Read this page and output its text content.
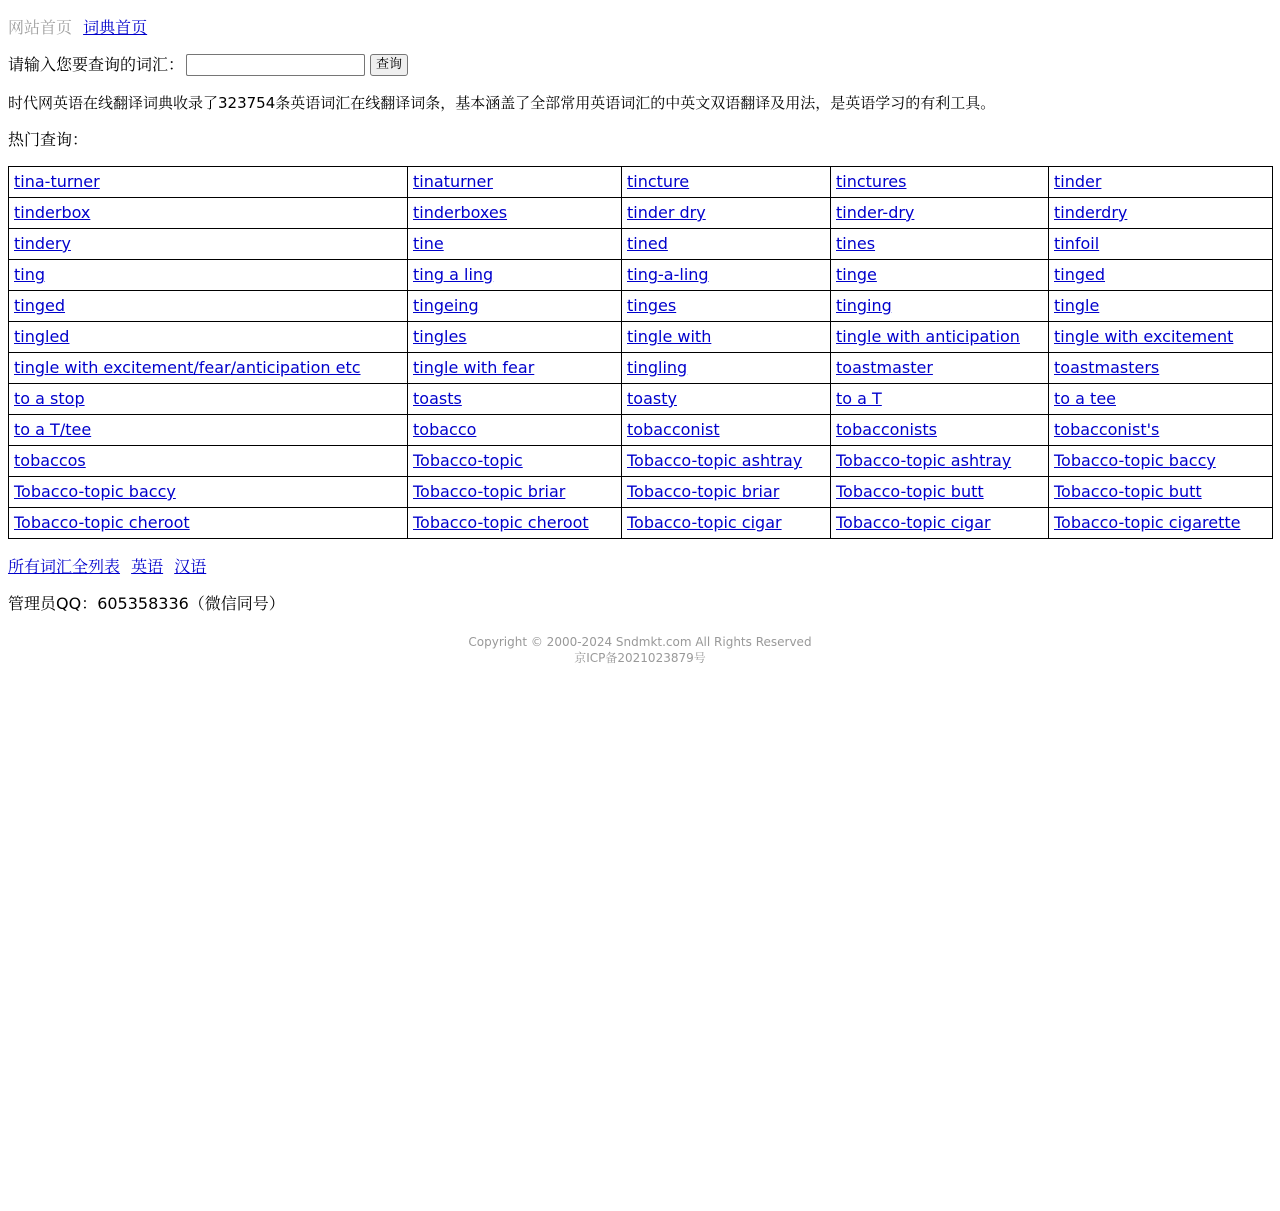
网站首页 词典首页
请输入您要查询的词汇：	查询
时代网英语在线翻译词典收录了323754条英语词汇在线翻译词条，基本涵盖了全部常用英语词汇的中英文双语翻译及用法，是英语学习的有利工具。
热门查询：
tina-turner	tinaturner	tincture	tinctures	tinder
tinderbox	tinderboxes	tinder dry	tinder-dry	tinderdry
tindery	tine	tined	tines	tinfoil
ting	ting a ling	ting-a-ling	tinge	tinged
tinged	tingeing	tinges	tinging	tingle
tingled	tingles	tingle with	tingle with anticipation	tingle with excitement
tingle with excitement/fear/anticipation etc	tingle with fear	tingling	toastmaster	toastmasters
to a stop	toasts	toasty	to a T	to a tee
to a T/tee	tobacco	tobacconist	tobacconists	tobacconist's
tobaccos	Tobacco-topic	Tobacco-topic ashtray	Tobacco-topic ashtray	Tobacco-topic baccy
Tobacco-topic baccy	Tobacco-topic briar	Tobacco-topic briar	Tobacco-topic butt	Tobacco-topic butt
Tobacco-topic cheroot	Tobacco-topic cheroot	Tobacco-topic cigar	Tobacco-topic cigar	Tobacco-topic cigarette
所有词汇全列表 英语 汉语
管理员QQ：605358336（微信同号）
Copyright © 2000-2024 Sndmkt.com All Rights Reserved
京ICP备2021023879号
